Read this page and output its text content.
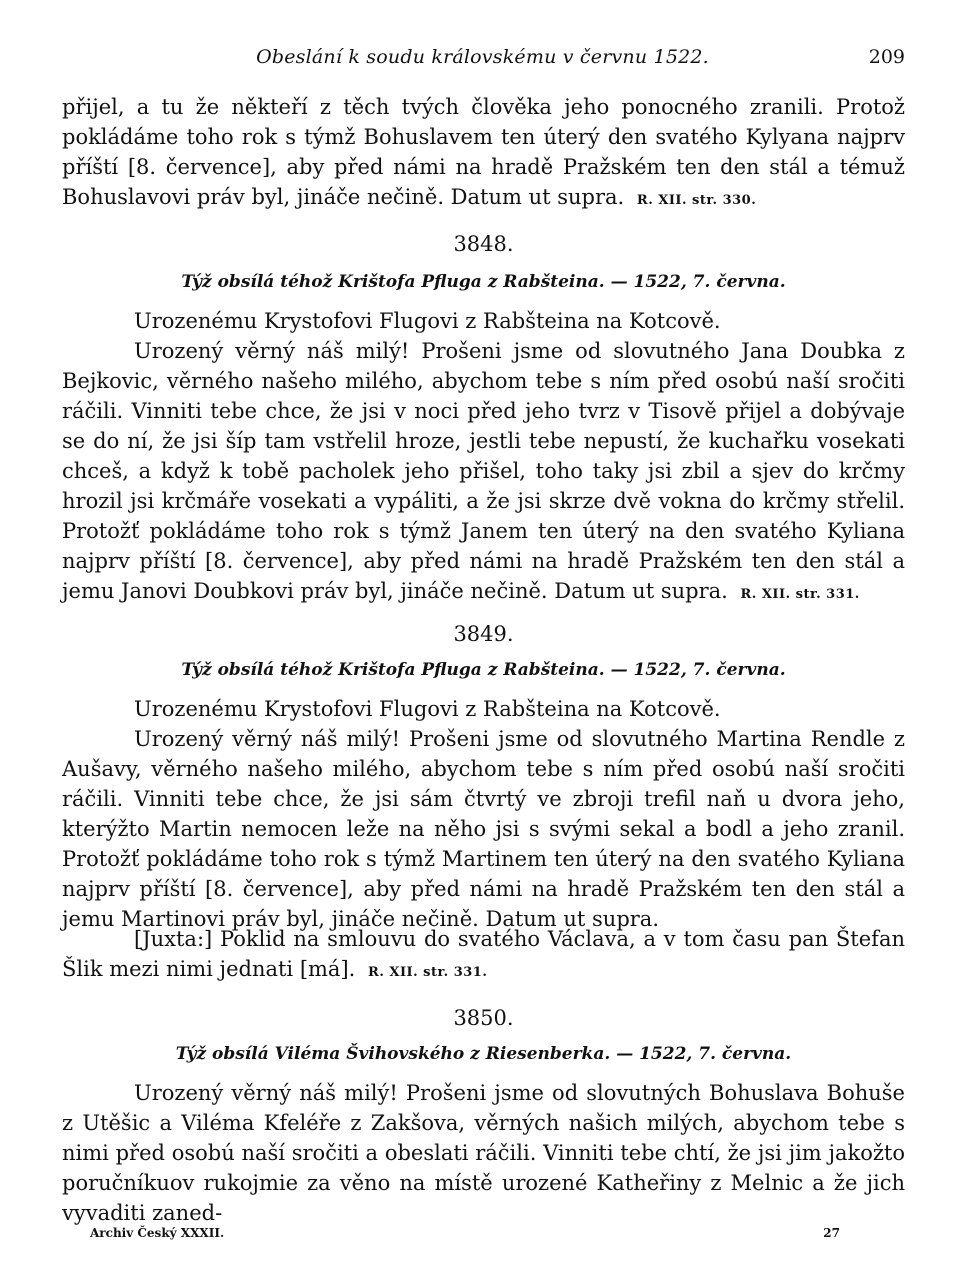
Obeslání k soudu královskému v červnu 1522.	209
přijel, a tu že někteří z těch tvých člověka jeho ponocného zranili. Protož pokládáme toho rok s týmž Bohuslavem ten úterý den svatého Kylyana najprv příští [8. července], aby před námi na hradě Pražském ten den stál a témuž Bohuslavovi práv byl, jináče nečině. Datum ut supra. R. XII. str. 330.
3848.
Týž obsílá téhož Krištofa Pfluga z Rabšteina. — 1522, 7. června.
Urozenému Krystofovi Flugovi z Rabšteina na Kotcově.
Urozený věrný náš milý! Prošeni jsme od slovutného Jana Doubka z Bejkovic, věrného našeho milého, abychom tebe s ním před osobú naší sročiti ráčili. Vinniti tebe chce, že jsi v noci před jeho tvrz v Tisově přijel a dobývaje se do ní, že jsi šíp tam vstřelil hroze, jestli tebe nepustí, že kuchařku vosekati chceš, a když k tobě pacholek jeho přišel, toho taky jsi zbil a sjev do krčmy hrozil jsi krčmáře vosekati a vypáliti, a že jsi skrze dvě vokna do krčmy střelil. Protožť pokládáme toho rok s týmž Janem ten úterý na den svatého Kyliana najprv příští [8. července], aby před námi na hradě Pražském ten den stál a jemu Janovi Doubkovi práv byl, jináče nečině. Datum ut supra. R. XII. str. 331.
3849.
Týž obsílá téhož Krištofa Pfluga z Rabšteina. — 1522, 7. června.
Urozenému Krystofovi Flugovi z Rabšteina na Kotcově.
Urozený věrný náš milý! Prošeni jsme od slovutného Martina Rendle z Aušavy, věrného našeho milého, abychom tebe s ním před osobú naší sročiti ráčili. Vinniti tebe chce, že jsi sám čtvrtý ve zbroji trefil naň u dvora jeho, kterýžto Martin nemocen leže na něho jsi s svými sekal a bodl a jeho zranil. Protožť pokládáme toho rok s týmž Martinem ten úterý na den svatého Kyliana najprv příští [8. července], aby před námi na hradě Pražském ten den stál a jemu Martinovi práv byl, jináče nečině. Datum ut supra.
[Juxta:] Poklid na smlouvu do svatého Václava, a v tom času pan Štefan Šlik mezi nimi jednati [má]. R. XII. str. 331.
3850.
Týž obsílá Viléma Švihovského z Riesenberka. — 1522, 7. června.
Urozený věrný náš milý! Prošeni jsme od slovutných Bohuslava Bohuše z Utěšic a Viléma Kfeléře z Zakšova, věrných našich milých, abychom tebe s nimi před osobú naší sročiti a obeslati ráčili. Vinniti tebe chtí, že jsi jim jakožto poručníkuov rukojmie za věno na místě urozené Katheřiny z Melnic a že jich vyvaditi zaned-
Archiv Český XXXII.	27
